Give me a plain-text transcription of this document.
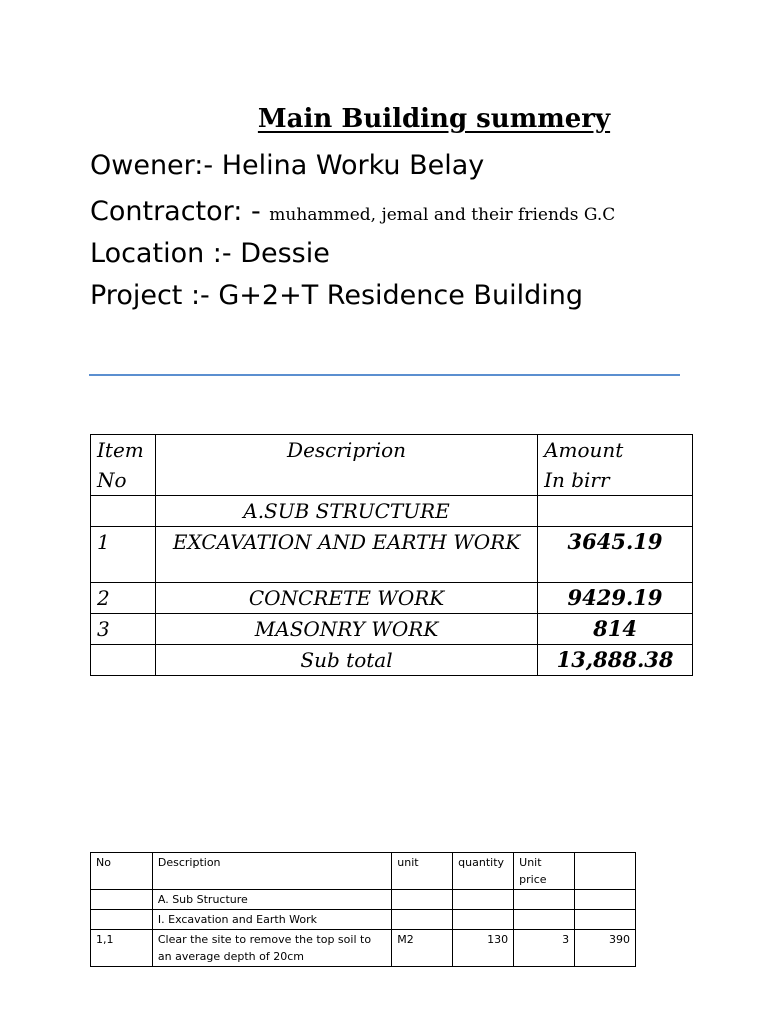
Main Building summery
Owener:- Helina Worku Belay
Contractor: - muhammed, jemal and their friends G.C
Location :- Dessie
Project :- G+2+T Residence Building
Item
No	Descriprion	Amount
In birr
	A.SUB STRUCTURE	
1	EXCAVATION AND EARTH WORK	3645.19
2	CONCRETE WORK	9429.19
3	MASONRY WORK	814
	Sub total	13,888.38
No	Description	unit	quantity	Unit
price	
	A. Sub Structure				
	I. Excavation and Earth Work				
1,1	Clear the site to remove the top soil to
an average depth of 20cm	M2	130	3	390
